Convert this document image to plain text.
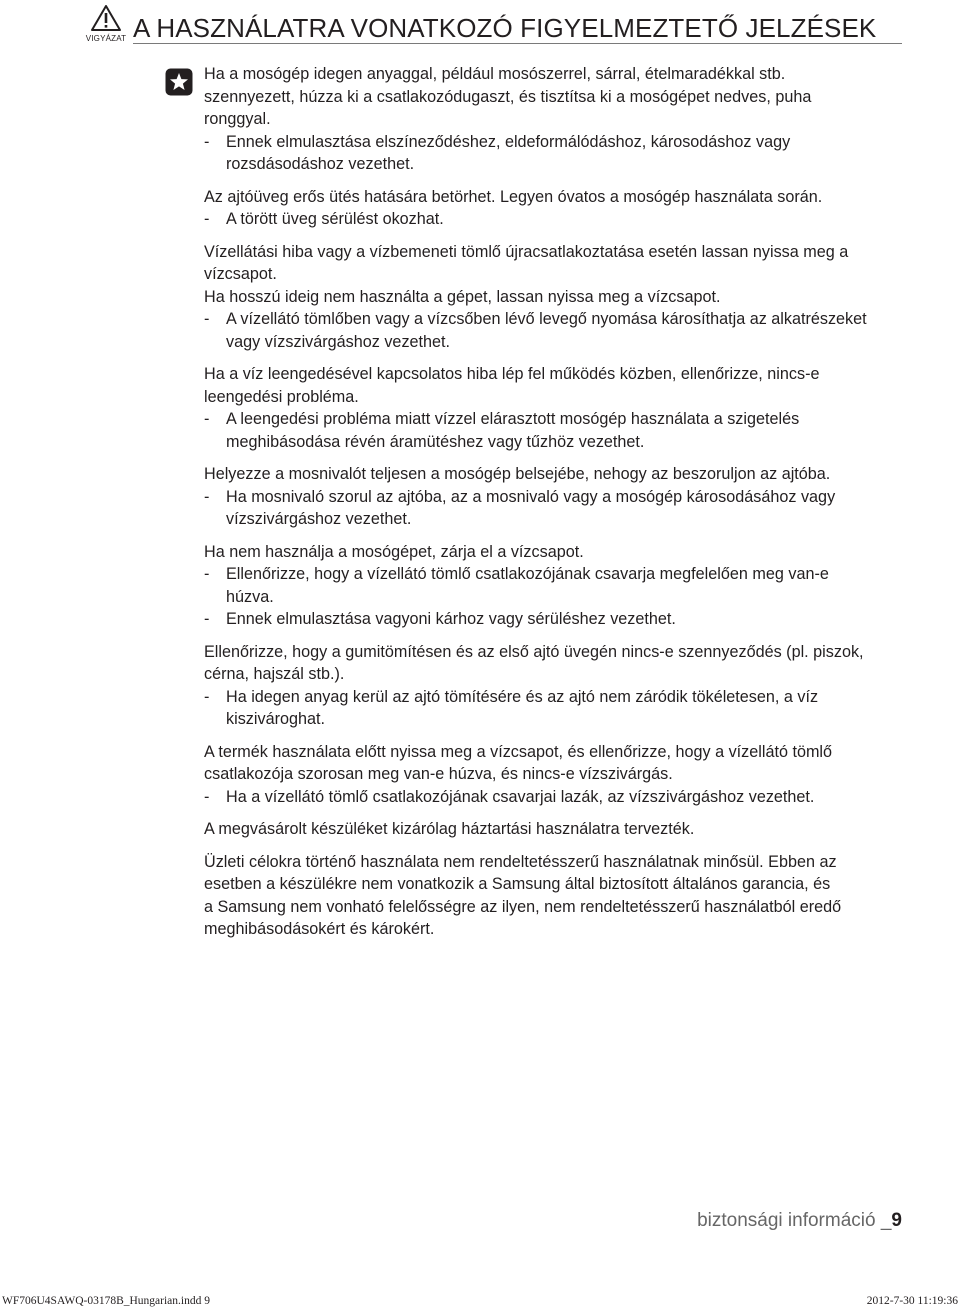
VIGYÁZAT A HASZNÁLATRA VONATKOZÓ FIGYELMEZTETŐ JELZÉSEK

Ha a mosógép idegen anyaggal, például mosószerrel, sárral, ételmaradékkal stb.

szennyezett, húzza ki a csatlakozódugaszt, és tisztítsa ki a mosógépet nedves, puha

ronggyal.

- Ennek elmulasztása elszíneződéshez, eldeformálódáshoz, károsodáshoz vagy

rozsdásodáshoz vezethet.

Az ajtóüveg erős ütés hatására betörhet. Legyen óvatos a mosógép használata során.

- A törött üveg sérülést okozhat.

Vízellátási hiba vagy a vízbemeneti tömlő újracsatlakoztatása esetén lassan nyissa meg a

vízcsapot.

Ha hosszú ideig nem használta a gépet, lassan nyissa meg a vízcsapot.

- A vízellátó tömlőben vagy a vízcsőben lévő levegő nyomása károsíthatja az alkatrészeket

vagy vízszivárgáshoz vezethet.

Ha a víz leengedésével kapcsolatos hiba lép fel működés közben, ellenőrizze, nincs-e

leengedési probléma.

- A leengedési probléma miatt vízzel elárasztott mosógép használata a szigetelés

meghibásodása révén áramütéshez vagy tűzhöz vezethet.

Helyezze a mosnivalót teljesen a mosógép belsejébe, nehogy az beszoruljon az ajtóba.

- Ha mosnivaló szorul az ajtóba, az a mosnivaló vagy a mosógép károsodásához vagy

vízszivárgáshoz vezethet.

Ha nem használja a mosógépet, zárja el a vízcsapot.

- Ellenőrizze, hogy a vízellátó tömlő csatlakozójának csavarja megfelelően meg van-e

húzva.

- Ennek elmulasztása vagyoni kárhoz vagy sérüléshez vezethet.

Ellenőrizze, hogy a gumitömítésen és az első ajtó üvegén nincs-e szennyeződés (pl. piszok,

cérna, hajszál stb.).

- Ha idegen anyag kerül az ajtó tömítésére és az ajtó nem záródik tökéletesen, a víz

kiszivároghat.

A termék használata előtt nyissa meg a vízcsapot, és ellenőrizze, hogy a vízellátó tömlő

csatlakozója szorosan meg van-e húzva, és nincs-e vízszivárgás.

- Ha a vízellátó tömlő csatlakozójának csavarjai lazák, az vízszivárgáshoz vezethet.

A megvásárolt készüléket kizárólag háztartási használatra tervezték.

Üzleti célokra történő használata nem rendeltetésszerű használatnak minősül. Ebben az

esetben a készülékre nem vonatkozik a Samsung által biztosított általános garancia, és

a Samsung nem vonható felelősségre az ilyen, nem rendeltetésszerű használatból eredő

meghibásodásokért és károkért.

biztonsági információ _9
WF706U4SAWQ-03178B_Hungarian.indd 9	2012-7-30 11:19:36
